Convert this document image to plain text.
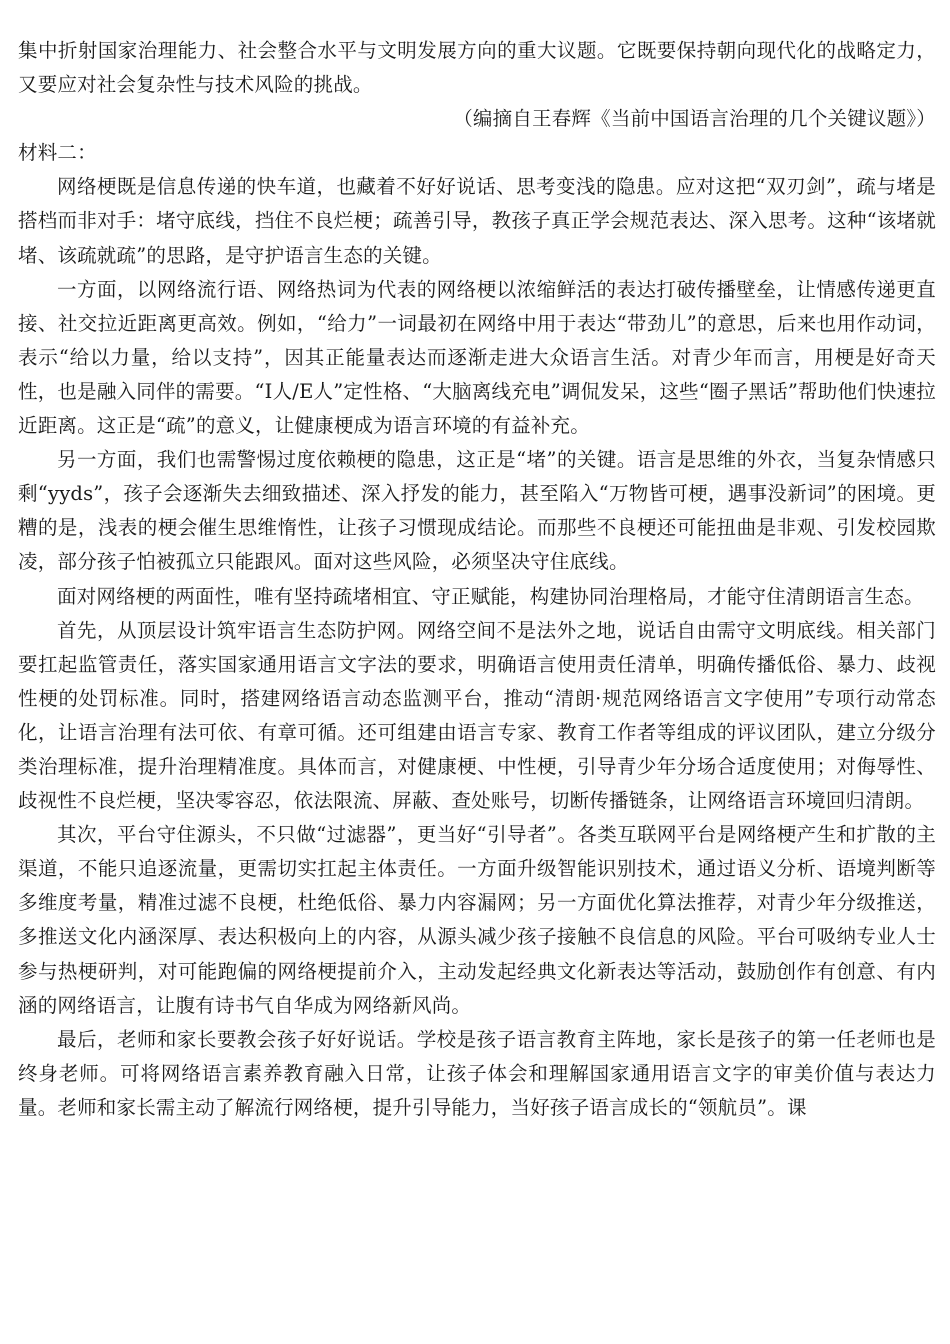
集中折射国家治理能力、社会整合水平与文明发展方向的重大议题。它既要保持朝向现代化的战略定力，又要应对社会复杂性与技术风险的挑战。

（编摘自王春辉《当前中国语言治理的几个关键议题》）

材料二：

网络梗既是信息传递的快车道，也藏着不好好说话、思考变浅的隐患。应对这把“双刃剑”，疏与堵是搭档而非对手：堵守底线，挡住不良烂梗；疏善引导，教孩子真正学会规范表达、深入思考。这种“该堵就堵、该疏就疏”的思路，是守护语言生态的关键。

一方面，以网络流行语、网络热词为代表的网络梗以浓缩鲜活的表达打破传播壁垒，让情感传递更直接、社交拉近距离更高效。例如，“给力”一词最初在网络中用于表达“带劲儿”的意思，后来也用作动词，表示“给以力量，给以支持”，因其正能量表达而逐渐走进大众语言生活。对青少年而言，用梗是好奇天性，也是融入同伴的需要。“I人/E人”定性格、“大脑离线充电”调侃发呆，这些“圈子黑话”帮助他们快速拉近距离。这正是“疏”的意义，让健康梗成为语言环境的有益补充。

另一方面，我们也需警惕过度依赖梗的隐患，这正是“堵”的关键。语言是思维的外衣，当复杂情感只剩“yyds”，孩子会逐渐失去细致描述、深入抒发的能力，甚至陷入“万物皆可梗，遇事没新词”的困境。更糟的是，浅表的梗会催生思维惰性，让孩子习惯现成结论。而那些不良梗还可能扭曲是非观、引发校园欺凌，部分孩子怕被孤立只能跟风。面对这些风险，必须坚决守住底线。

面对网络梗的两面性，唯有坚持疏堵相宜、守正赋能，构建协同治理格局，才能守住清朗语言生态。

首先，从顶层设计筑牢语言生态防护网。网络空间不是法外之地，说话自由需守文明底线。相关部门要扛起监管责任，落实国家通用语言文字法的要求，明确语言使用责任清单，明确传播低俗、暴力、歧视性梗的处罚标准。同时，搭建网络语言动态监测平台，推动“清朗·规范网络语言文字使用”专项行动常态化，让语言治理有法可依、有章可循。还可组建由语言专家、教育工作者等组成的评议团队，建立分级分类治理标准，提升治理精准度。具体而言，对健康梗、中性梗，引导青少年分场合适度使用；对侮辱性、歧视性不良烂梗，坚决零容忍，依法限流、屏蔽、查处账号，切断传播链条，让网络语言环境回归清朗。

其次，平台守住源头，不只做“过滤器”，更当好“引导者”。各类互联网平台是网络梗产生和扩散的主渠道，不能只追逐流量，更需切实扛起主体责任。一方面升级智能识别技术，通过语义分析、语境判断等多维度考量，精准过滤不良梗，杜绝低俗、暴力内容漏网；另一方面优化算法推荐，对青少年分级推送，多推送文化内涵深厚、表达积极向上的内容，从源头减少孩子接触不良信息的风险。平台可吸纳专业人士参与热梗研判，对可能跑偏的网络梗提前介入，主动发起经典文化新表达等活动，鼓励创作有创意、有内涵的网络语言，让腹有诗书气自华成为网络新风尚。

最后，老师和家长要教会孩子好好说话。学校是孩子语言教育主阵地，家长是孩子的第一任老师也是终身老师。可将网络语言素养教育融入日常，让孩子体会和理解国家通用语言文字的审美价值与表达力量。老师和家长需主动了解流行网络梗，提升引导能力，当好孩子语言成长的“领航员”。课
